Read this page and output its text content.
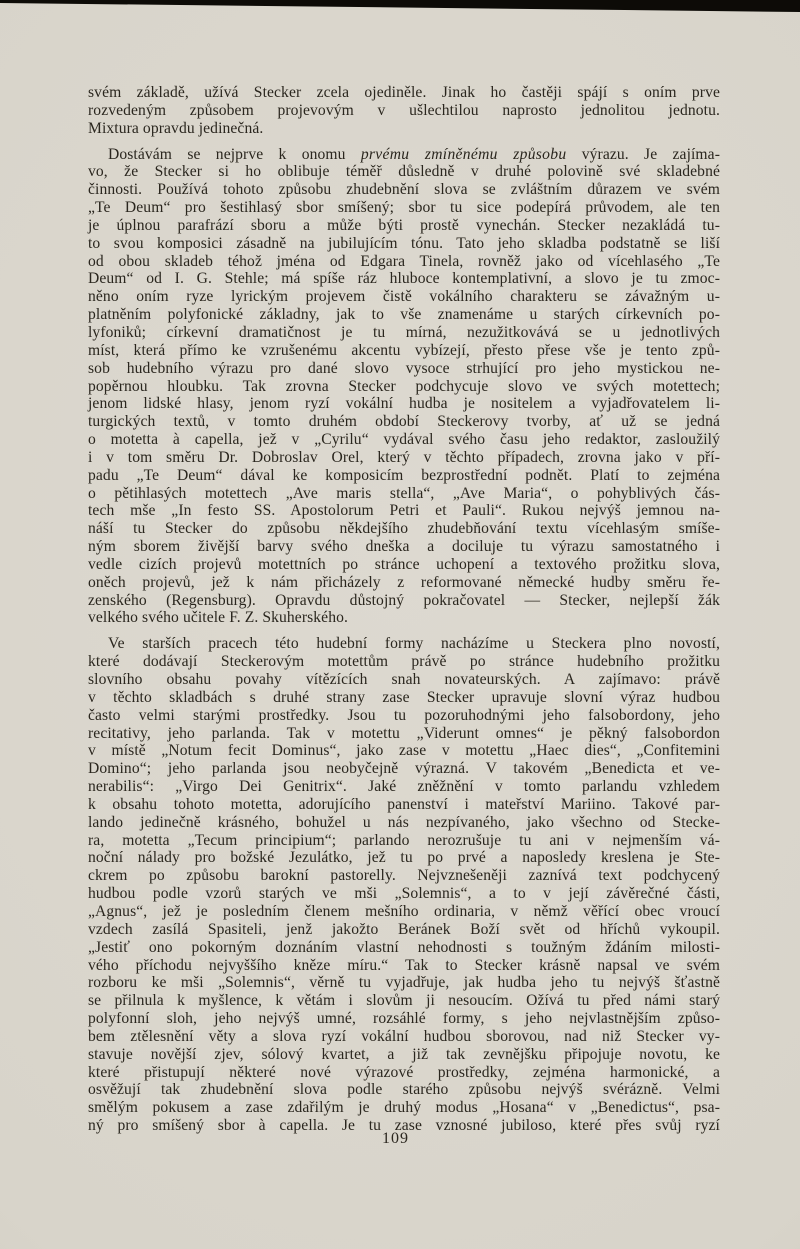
svém základě, užívá Stecker zcela ojediněle. Jinak ho častěji spájí s oním prve
rozvedeným způsobem projevovým v ušlechtilou naprosto jednolitou jednotu.
Mixtura opravdu jedinečná.
Dostávám se nejprve k onomu prvému zmíněnému způsobu výrazu. Je zajíma-
vo, že Stecker si ho oblibuje téměř důsledně v druhé polovině své skladebné
činnosti. Používá tohoto způsobu zhudebnění slova se zvláštním důrazem ve svém
„Te Deum“ pro šestihlasý sbor smíšený; sbor tu sice podepírá průvodem, ale ten
je úplnou parafrází sboru a může býti prostě vynechán. Stecker nezakládá tu-
to svou komposici zásadně na jubilujícím tónu. Tato jeho skladba podstatně se liší
od obou skladeb téhož jména od Edgara Tinela, rovněž jako od vícehlasého „Te
Deum“ od I. G. Stehle; má spíše ráz hluboce kontemplativní, a slovo je tu zmoc-
něno oním ryze lyrickým projevem čistě vokálního charakteru se závažným u-
platněním polyfonické základny, jak to vše znamenáme u starých církevních po-
lyfoniků; církevní dramatičnost je tu mírná, nezužitkovává se u jednotlivých
míst, která přímo ke vzrušenému akcentu vybízejí, přesto přese vše je tento způ-
sob hudebního výrazu pro dané slovo vysoce strhující pro jeho mystickou ne-
popěrnou hloubku. Tak zrovna Stecker podchycuje slovo ve svých motettech;
jenom lidské hlasy, jenom ryzí vokální hudba je nositelem a vyjadřovatelem li-
turgických textů, v tomto druhém období Steckerovy tvorby, ať už se jedná
o motetta à capella, jež v „Cyrilu“ vydával svého času jeho redaktor, zasloužilý
i v tom směru Dr. Dobroslav Orel, který v těchto případech, zrovna jako v pří-
padu „Te Deum“ dával ke komposicím bezprostřední podnět. Platí to zejména
o pětihlasých motettech „Ave maris stella“, „Ave Maria“, o pohyblivých čás-
tech mše „In festo SS. Apostolorum Petri et Pauli“. Rukou nejvýš jemnou na-
náší tu Stecker do způsobu někdejšího zhudebňování textu vícehlasým smíše-
ným sborem živější barvy svého dneška a dociluje tu výrazu samostatného i
vedle cizích projevů motettních po stránce uchopení a textového prožitku slova,
oněch projevů, jež k nám přicházely z reformované německé hudby směru ře-
zenského (Regensburg). Opravdu důstojný pokračovatel — Stecker, nejlepší žák
velkého svého učitele F. Z. Skuherského.
Ve starších pracech této hudební formy nacházíme u Steckera plno novostí,
které dodávají Steckerovým motettům právě po stránce hudebního prožitku
slovního obsahu povahy vítězících snah novateurských. A zajímavo: právě
v těchto skladbách s druhé strany zase Stecker upravuje slovní výraz hudbou
často velmi starými prostředky. Jsou tu pozoruhodnými jeho falsobordony, jeho
recitativy, jeho parlanda. Tak v motettu „Viderunt omnes“ je pěkný falsobordon
v místě „Notum fecit Dominus“, jako zase v motettu „Haec dies“, „Confitemini
Domino“; jeho parlanda jsou neobyčejně výrazná. V takovém „Benedicta et ve-
nerabilis“: „Virgo Dei Genitrix“. Jaké zněžnění v tomto parlandu vzhledem
k obsahu tohoto motetta, adorujícího panenství i mateřství Mariino. Takové par-
lando jedinečně krásného, bohužel u nás nezpívaného, jako všechno od Stecke-
ra, motetta „Tecum principium“; parlando nerozrušuje tu ani v nejmenším vá-
noční nálady pro božské Jezulátko, jež tu po prvé a naposledy kreslena je Ste-
ckrem po způsobu barokní pastorelly. Nejvznešeněji zaznívá text podchycený
hudbou podle vzorů starých ve mši „Solemnis“, a to v její závěrečné části,
„Agnus“, jež je posledním členem mešního ordinaria, v němž věřící obec vroucí
vzdech zasílá Spasiteli, jenž jakožto Beránek Boží svět od hříchů vykoupil.
„Jestiť ono pokorným doznáním vlastní nehodnosti s toužným ždáním milosti-
vého příchodu nejvyššího kněze míru.“ Tak to Stecker krásně napsal ve svém
rozboru ke mši „Solemnis“, věrně tu vyjadřuje, jak hudba jeho tu nejvýš šťastně
se přilnula k myšlence, k větám i slovům ji nesoucím. Ožívá tu před námi starý
polyfonní sloh, jeho nejvýš umné, rozsáhlé formy, s jeho nejvlastnějším způso-
bem ztělesnění věty a slova ryzí vokální hudbou sborovou, nad niž Stecker vy-
stavuje novější zjev, sólový kvartet, a již tak zevnějšku připojuje novotu, ke
které přistupují některé nové výrazové prostředky, zejména harmonické, a
osvěžují tak zhudebnění slova podle starého způsobu nejvýš svérázně. Velmi
smělým pokusem a zase zdařilým je druhý modus „Hosana“ v „Benedictus“, psa-
ný pro smíšený sbor à capella. Je tu zase vznosné jubiloso, které přes svůj ryzí
109
